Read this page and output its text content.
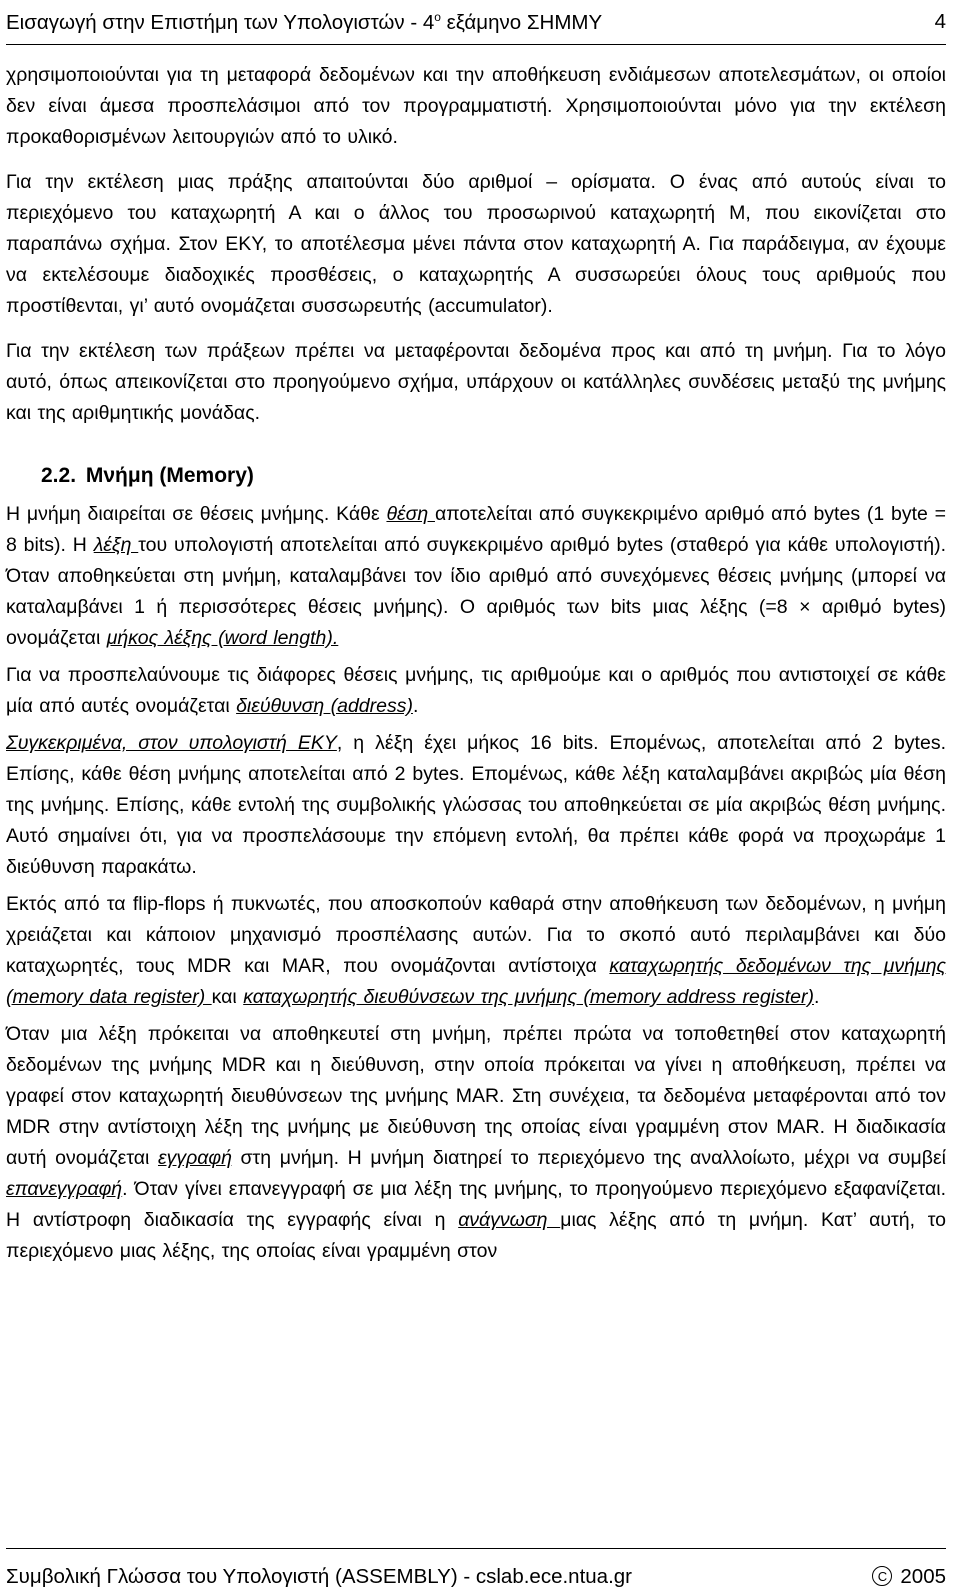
Εισαγωγή στην Επιστήμη των Υπολογιστών - $4^o$ εξάμηνο ΣΗΜΜΥ	4

χρησιμοποιούνται για τη μεταφορά δεδομένων και την αποθήκευση ενδιάμεσων αποτελεσμάτων, οι οποίοι δεν είναι άμεσα προσπελάσιμοι από τον προγραμματιστή. Χρησιμοποιούνται μόνο για την εκτέλεση προκαθορισμένων λειτουργιών από το υλικό.

Για την εκτέλεση μιας πράξης απαιτούνται δύο αριθμοί – ορίσματα. Ο ένας από αυτούς είναι το περιεχόμενο του καταχωρητή Α και ο άλλος του προσωρινού καταχωρητή Μ, που εικονίζεται στο παραπάνω σχήμα. Στον ΕΚΥ, το αποτέλεσμα μένει πάντα στον καταχωρητή Α. Για παράδειγμα, αν έχουμε να εκτελέσουμε διαδοχικές προσθέσεις, ο καταχωρητής Α συσσωρεύει όλους τους αριθμούς που προστίθενται, γι’ αυτό ονομάζεται συσσωρευτής (accumulator).

Για την εκτέλεση των πράξεων πρέπει να μεταφέρονται δεδομένα προς και από τη μνήμη. Για το λόγο αυτό, όπως απεικονίζεται στο προηγούμενο σχήμα, υπάρχουν οι κατάλληλες συνδέσεις μεταξύ της μνήμης και της αριθμητικής μονάδας.

2.2. Μνήμη (Memory)

Η μνήμη διαιρείται σε θέσεις μνήμης. Κάθε θέση αποτελείται από συγκεκριμένο αριθμό από bytes (1 byte = 8 bits). Η λέξη του υπολογιστή αποτελείται από συγκεκριμένο αριθμό bytes (σταθερό για κάθε υπολογιστή). Όταν αποθηκεύεται στη μνήμη, καταλαμβάνει τον ίδιο αριθμό από συνεχόμενες θέσεις μνήμης (μπορεί να καταλαμβάνει 1 ή περισσότερες θέσεις μνήμης). Ο αριθμός των bits μιας λέξης (=8 × αριθμό bytes) ονομάζεται μήκος λέξης (word length).

Για να προσπελαύνουμε τις διάφορες θέσεις μνήμης, τις αριθμούμε και ο αριθμός που αντιστοιχεί σε κάθε μία από αυτές ονομάζεται διεύθυνση (address).

Συγκεκριμένα, στον υπολογιστή ΕΚΥ, η λέξη έχει μήκος 16 bits. Επομένως, αποτελείται από 2 bytes. Επίσης, κάθε θέση μνήμης αποτελείται από 2 bytes. Επομένως, κάθε λέξη καταλαμβάνει ακριβώς μία θέση της μνήμης. Επίσης, κάθε εντολή της συμβολικής γλώσσας του αποθηκεύεται σε μία ακριβώς θέση μνήμης. Αυτό σημαίνει ότι, για να προσπελάσουμε την επόμενη εντολή, θα πρέπει κάθε φορά να προχωράμε 1 διεύθυνση παρακάτω.

Εκτός από τα flip-flops ή πυκνωτές, που αποσκοπούν καθαρά στην αποθήκευση των δεδομένων, η μνήμη χρειάζεται και κάποιον μηχανισμό προσπέλασης αυτών. Για το σκοπό αυτό περιλαμβάνει και δύο καταχωρητές, τους MDR και MAR, που ονομάζονται αντίστοιχα καταχωρητής δεδομένων της μνήμης (memory data register) και καταχωρητής διευθύνσεων της μνήμης (memory address register).

Όταν μια λέξη πρόκειται να αποθηκευτεί στη μνήμη, πρέπει πρώτα να τοποθετηθεί στον καταχωρητή δεδομένων της μνήμης MDR και η διεύθυνση, στην οποία πρόκειται να γίνει η αποθήκευση, πρέπει να γραφεί στον καταχωρητή διευθύνσεων της μνήμης MAR. Στη συνέχεια, τα δεδομένα μεταφέρονται από τον MDR στην αντίστοιχη λέξη της μνήμης με διεύθυνση της οποίας είναι γραμμένη στον MAR. Η διαδικασία αυτή ονομάζεται εγγραφή στη μνήμη. Η μνήμη διατηρεί το περιεχόμενο της αναλλοίωτο, μέχρι να συμβεί επανεγγραφή. Όταν γίνει επανεγγραφή σε μια λέξη της μνήμης, το προηγούμενο περιεχόμενο εξαφανίζεται. Η αντίστροφη διαδικασία της εγγραφής είναι η ανάγνωση μιας λέξης από τη μνήμη. Κατ’ αυτή, το περιεχόμενο μιας λέξης, της οποίας είναι γραμμένη στον

Συμβολική Γλώσσα του Υπολογιστή (ASSEMBLY) - cslab.ece.ntua.gr	C 2005
